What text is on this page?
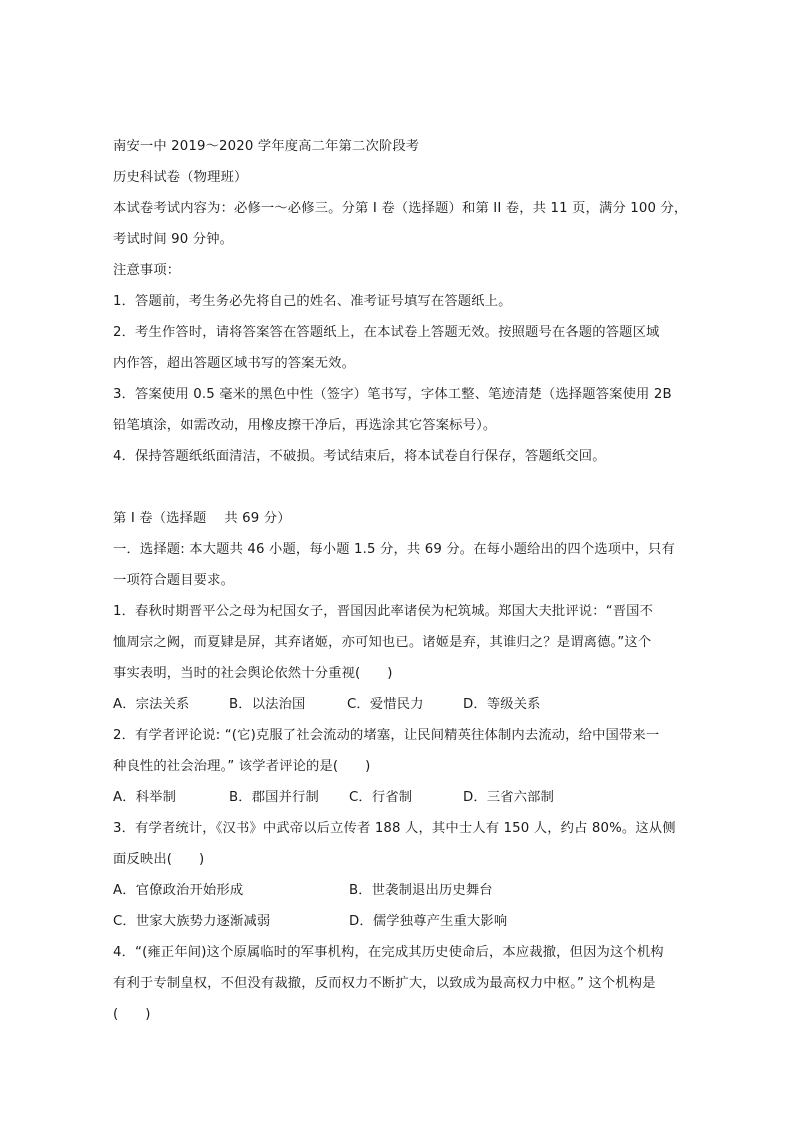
南安一中 2019～2020 学年度高二年第二次阶段考
历史科试卷（物理班）
本试卷考试内容为：必修一～必修三。分第 I 卷（选择题）和第 II 卷，共 11 页，满分 100 分，
考试时间 90 分钟。
注意事项：
1．答题前，考生务必先将自己的姓名、准考证号填写在答题纸上。
2．考生作答时，请将答案答在答题纸上，在本试卷上答题无效。按照题号在各题的答题区域
内作答，超出答题区域书写的答案无效。
3．答案使用 0.5 毫米的黑色中性（签字）笔书写，字体工整、笔迹清楚（选择题答案使用 2B
铅笔填涂，如需改动，用橡皮擦干净后，再选涂其它答案标号）。
4．保持答题纸纸面清洁，不破损。考试结束后，将本试卷自行保存，答题纸交回。
第 I 卷（选择题　 共 69 分）
一．选择题: 本大题共 46 小题，每小题 1.5 分，共 69 分。在每小题给出的四个选项中，只有
一项符合题目要求。
1．春秋时期晋平公之母为杞国女子，晋国因此率诸侯为杞筑城。郑国大夫批评说：“晋国不
恤周宗之阙，而夏肄是屏，其弃诸姬，亦可知也已。诸姬是弃，其谁归之？是谓离德。”这个
事实表明，当时的社会舆论依然十分重视(　　)
A．宗法关系	B．以法治国	C．爱惜民力	D．等级关系
2．有学者评论说: “(它)克服了社会流动的堵塞，让民间精英往体制内去流动，给中国带来一
种良性的社会治理。” 该学者评论的是(　　)
A．科举制	B．郡国并行制	C．行省制	D．三省六部制
3．有学者统计，《汉书》中武帝以后立传者 188 人，其中士人有 150 人，约占 80%。这从侧
面反映出(　　)
A．官僚政治开始形成	B．世袭制退出历史舞台
C．世家大族势力逐渐减弱	D．儒学独尊产生重大影响
4．“(雍正年间)这个原属临时的军事机构，在完成其历史使命后，本应裁撤，但因为这个机构
有利于专制皇权，不但没有裁撤，反而权力不断扩大，以致成为最高权力中枢。” 这个机构是
(　　)
